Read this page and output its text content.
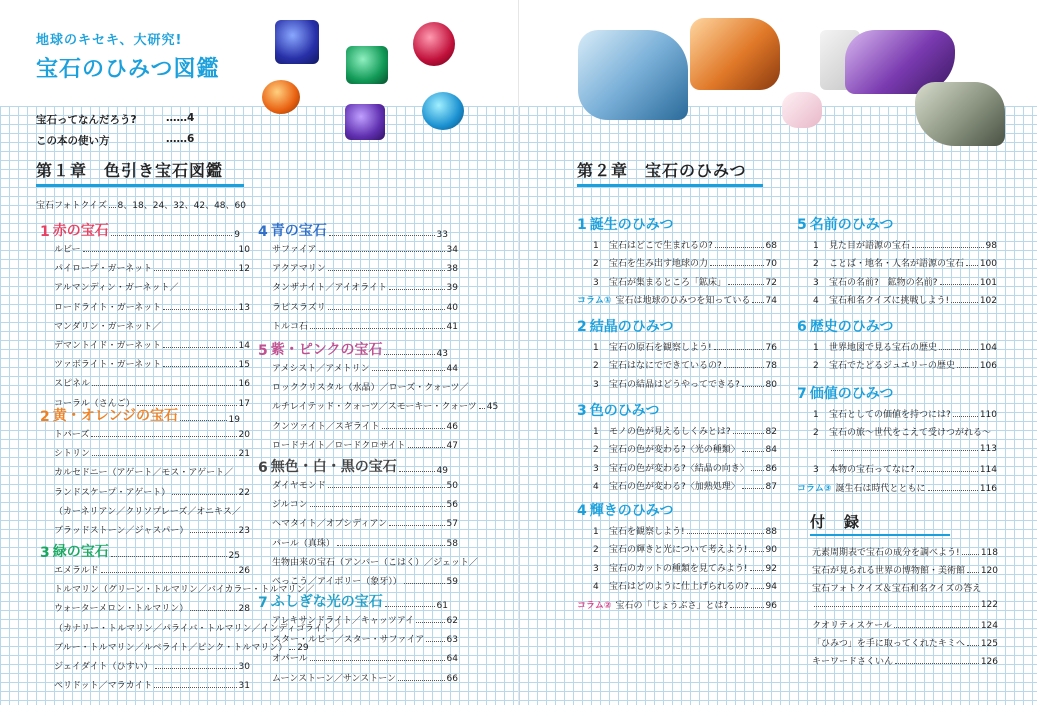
地球のキセキ、大研究!
宝石のひみつ図鑑
宝石ってなんだろう?	……4
この本の使い方	……6
第１章　色引き宝石図鑑
宝石フォトクイズ 8、18、24、32、42、48、60
第２章　宝石のひみつ
付　録
1 赤の宝石	9
ルビー	10
パイロープ・ガーネット	12
アルマンディン・ガーネット／
ロードライト・ガーネット	13
マンダリン・ガーネット／
デマントイド・ガーネット	14
ツァボライト・ガーネット	15
スピネル	16
コーラル（さんご）	17
2 黄・オレンジの宝石	19
トパーズ	20
シトリン	21
カルセドニー（アゲート／モス・アゲート／
ランドスケープ・アゲート）	22
（カーネリアン／クリソプレーズ／オニキス／
ブラッドストーン／ジャスパー）	23
3 緑の宝石	25
エメラルド	26
トルマリン（グリーン・トルマリン／バイカラー・トルマリン／
ウォーターメロン・トルマリン）	28
（カナリー・トルマリン／パライバ・トルマリン／インディゴライト／
ブルー・トルマリン／ルベライト／ピンク・トルマリン） 29
ジェイダイト（ひすい）	30
ペリドット／マラカイト	31
4 青の宝石	33
サファイア	34
アクアマリン	38
タンザナイト／アイオライト	39
ラピスラズリ	40
トルコ石	41
5 紫・ピンクの宝石	43
アメシスト／アメトリン	44
ロッククリスタル（水晶）／ローズ・クォーツ／
ルチレイテッド・クォーツ／スモーキー・クォーツ 45
クンツァイト／スギライト	46
ロードナイト／ロードクロサイト	47
6 無色・白・黒の宝石	49
ダイヤモンド	50
ジルコン	56
ヘマタイト／オブシディアン	57
パール（真珠）	58
生物由来の宝石（アンバー（こはく）／ジェット／
べっこう／アイボリー（象牙））	59
7 ふしぎな光の宝石	61
アレキサンドライト／キャッツアイ	62
スター・ルビー／スター・サファイア 63
オパール	64
ムーンストーン／サンストーン	66
1 誕生のひみつ
1	宝石はどこで生まれるの?	68
2	宝石を生み出す地球の力	70
3	宝石が集まるところ「鉱床」	72
コラム① 宝石は地球のひみつを知っている 74
2 結晶のひみつ
1	宝石の原石を観察しよう!	76
2	宝石はなにでできているの?	78
3	宝石の結晶はどうやってできる?	80
3 色のひみつ
1	モノの色が見えるしくみとは?	82
2	宝石の色が変わる?〈光の種類〉	84
3	宝石の色が変わる?〈結晶の向き〉 86
4	宝石の色が変わる?〈加熱処理〉	87
4 輝きのひみつ
1	宝石を観察しよう!	88
2	宝石の輝きと光について考えよう! 90
3	宝石のカットの種類を見てみよう! 92
4	宝石はどのように仕上げられるの? 94
コラム② 宝石の「じょうぶさ」とは?	96
5 名前のひみつ
1	見た目が語源の宝石	98
2	ことば・地名・人名が語源の宝石 100
3	宝石の名前?　鉱物の名前?	101
4	宝石和名クイズに挑戦しよう!	102
6 歴史のひみつ
1	世界地図で見る宝石の歴史	104
2	宝石でたどるジュエリーの歴史	106
7 価値のひみつ
1	宝石としての価値を持つには?	110
2	宝石の旅〜世代をこえて受けつがれる〜
113
3	本物の宝石ってなに?	114
コラム③ 誕生石は時代とともに	116
元素周期表で宝石の成分を調べよう! 118
宝石が見られる世界の博物館・美術館 120
宝石フォトクイズ＆宝石和名クイズの答え
122
クオリティスケール	124
「ひみつ」を手に取ってくれたキミへ 125
キーワードさくいん	126
